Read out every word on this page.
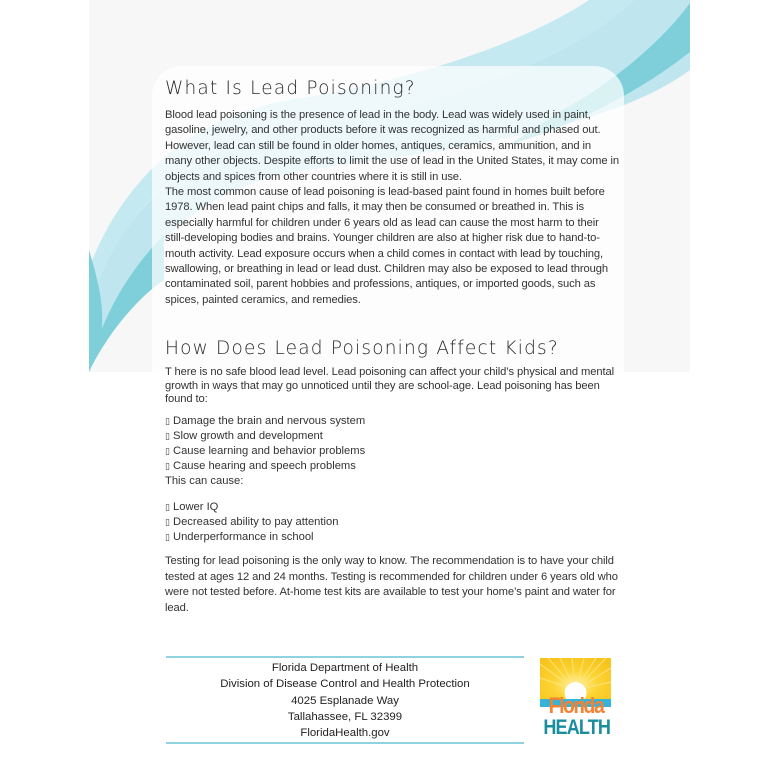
What Is Lead Poisoning?
Blood lead poisoning is the presence of lead in the body. Lead was widely used in paint, gasoline, jewelry, and other products before it was recognized as harmful and phased out. However, lead can still be found in older homes, antiques, ceramics, ammunition, and in many other objects. Despite efforts to limit the use of lead in the United States, it may come in objects and spices from other countries where it is still in use.
The most common cause of lead poisoning is lead-based paint found in homes built before 1978. When lead paint chips and falls, it may then be consumed or breathed in. This is especially harmful for children under 6 years old as lead can cause the most harm to their still-developing bodies and brains. Younger children are also at higher risk due to hand-to-mouth activity. Lead exposure occurs when a child comes in contact with lead by touching, swallowing, or breathing in lead or lead dust. Children may also be exposed to lead through contaminated soil, parent hobbies and professions, antiques, or imported goods, such as spices, painted ceramics, and remedies.
How Does Lead Poisoning Affect Kids?
T here is no safe blood lead level. Lead poisoning can affect your child’s physical and mental growth in ways that may go unnoticed until they are school-age. Lead poisoning has been found to:
▯ Damage the brain and nervous system
▯ Slow growth and development
▯ Cause learning and behavior problems
▯ Cause hearing and speech problems
This can cause:
▯ Lower IQ
▯ Decreased ability to pay attention
▯ Underperformance in school
Testing for lead poisoning is the only way to know. The recommendation is to have your child tested at ages 12 and 24 months. Testing is recommended for children under 6 years old who were not tested before. At-home test kits are available to test your home’s paint and water for lead.
Florida Department of Health
Division of Disease Control and Health Protection
4025 Esplanade Way
Tallahassee, FL 32399
FloridaHealth.gov
Florida
HEALTH
